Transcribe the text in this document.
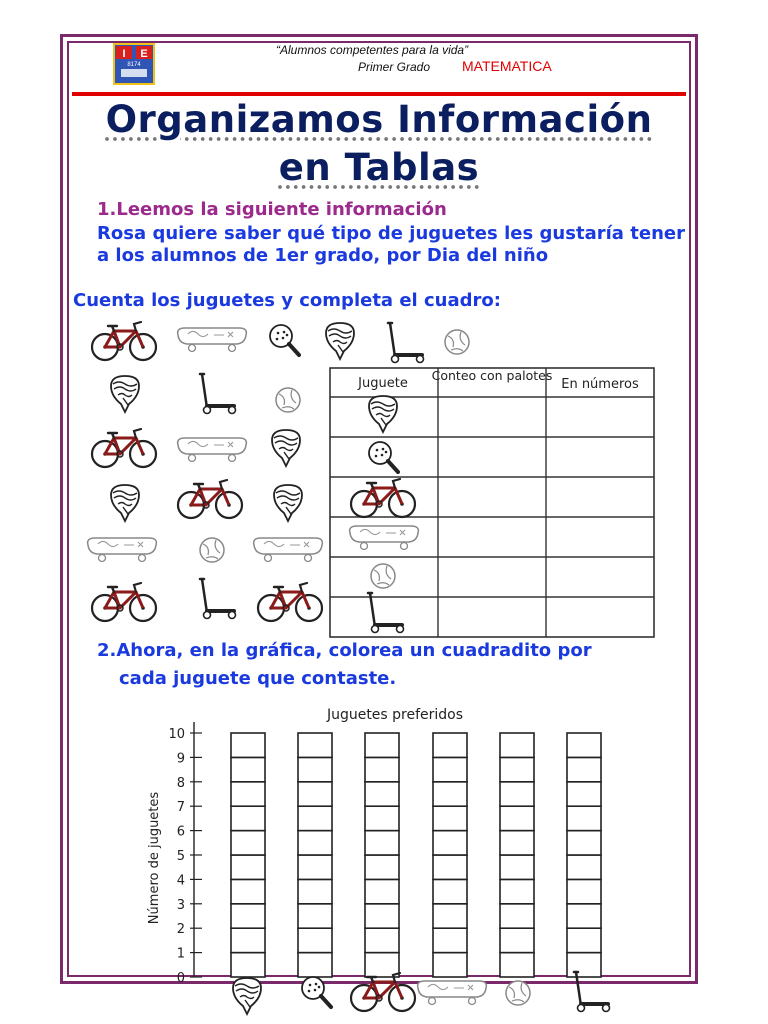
I E
8174
“Alumnos competentes para la vida”
Primer Grado MATEMATICA
Organizamos Información
en Tablas
1.Leemos la siguiente información
Rosa quiere saber qué tipo de juguetes les gustaría tener a los alumnos de 1er grado, por Dia del niño
Cuenta los juguetes y completa el cuadro:
2.Ahora, en la gráfica, colorea un cuadradito por
cada juguete que contaste.
Juguete
Conteo con palotes
En números
Juguetes preferidos
Número de juguetes
0
1
2
3
4
5
6
7
8
9
10
